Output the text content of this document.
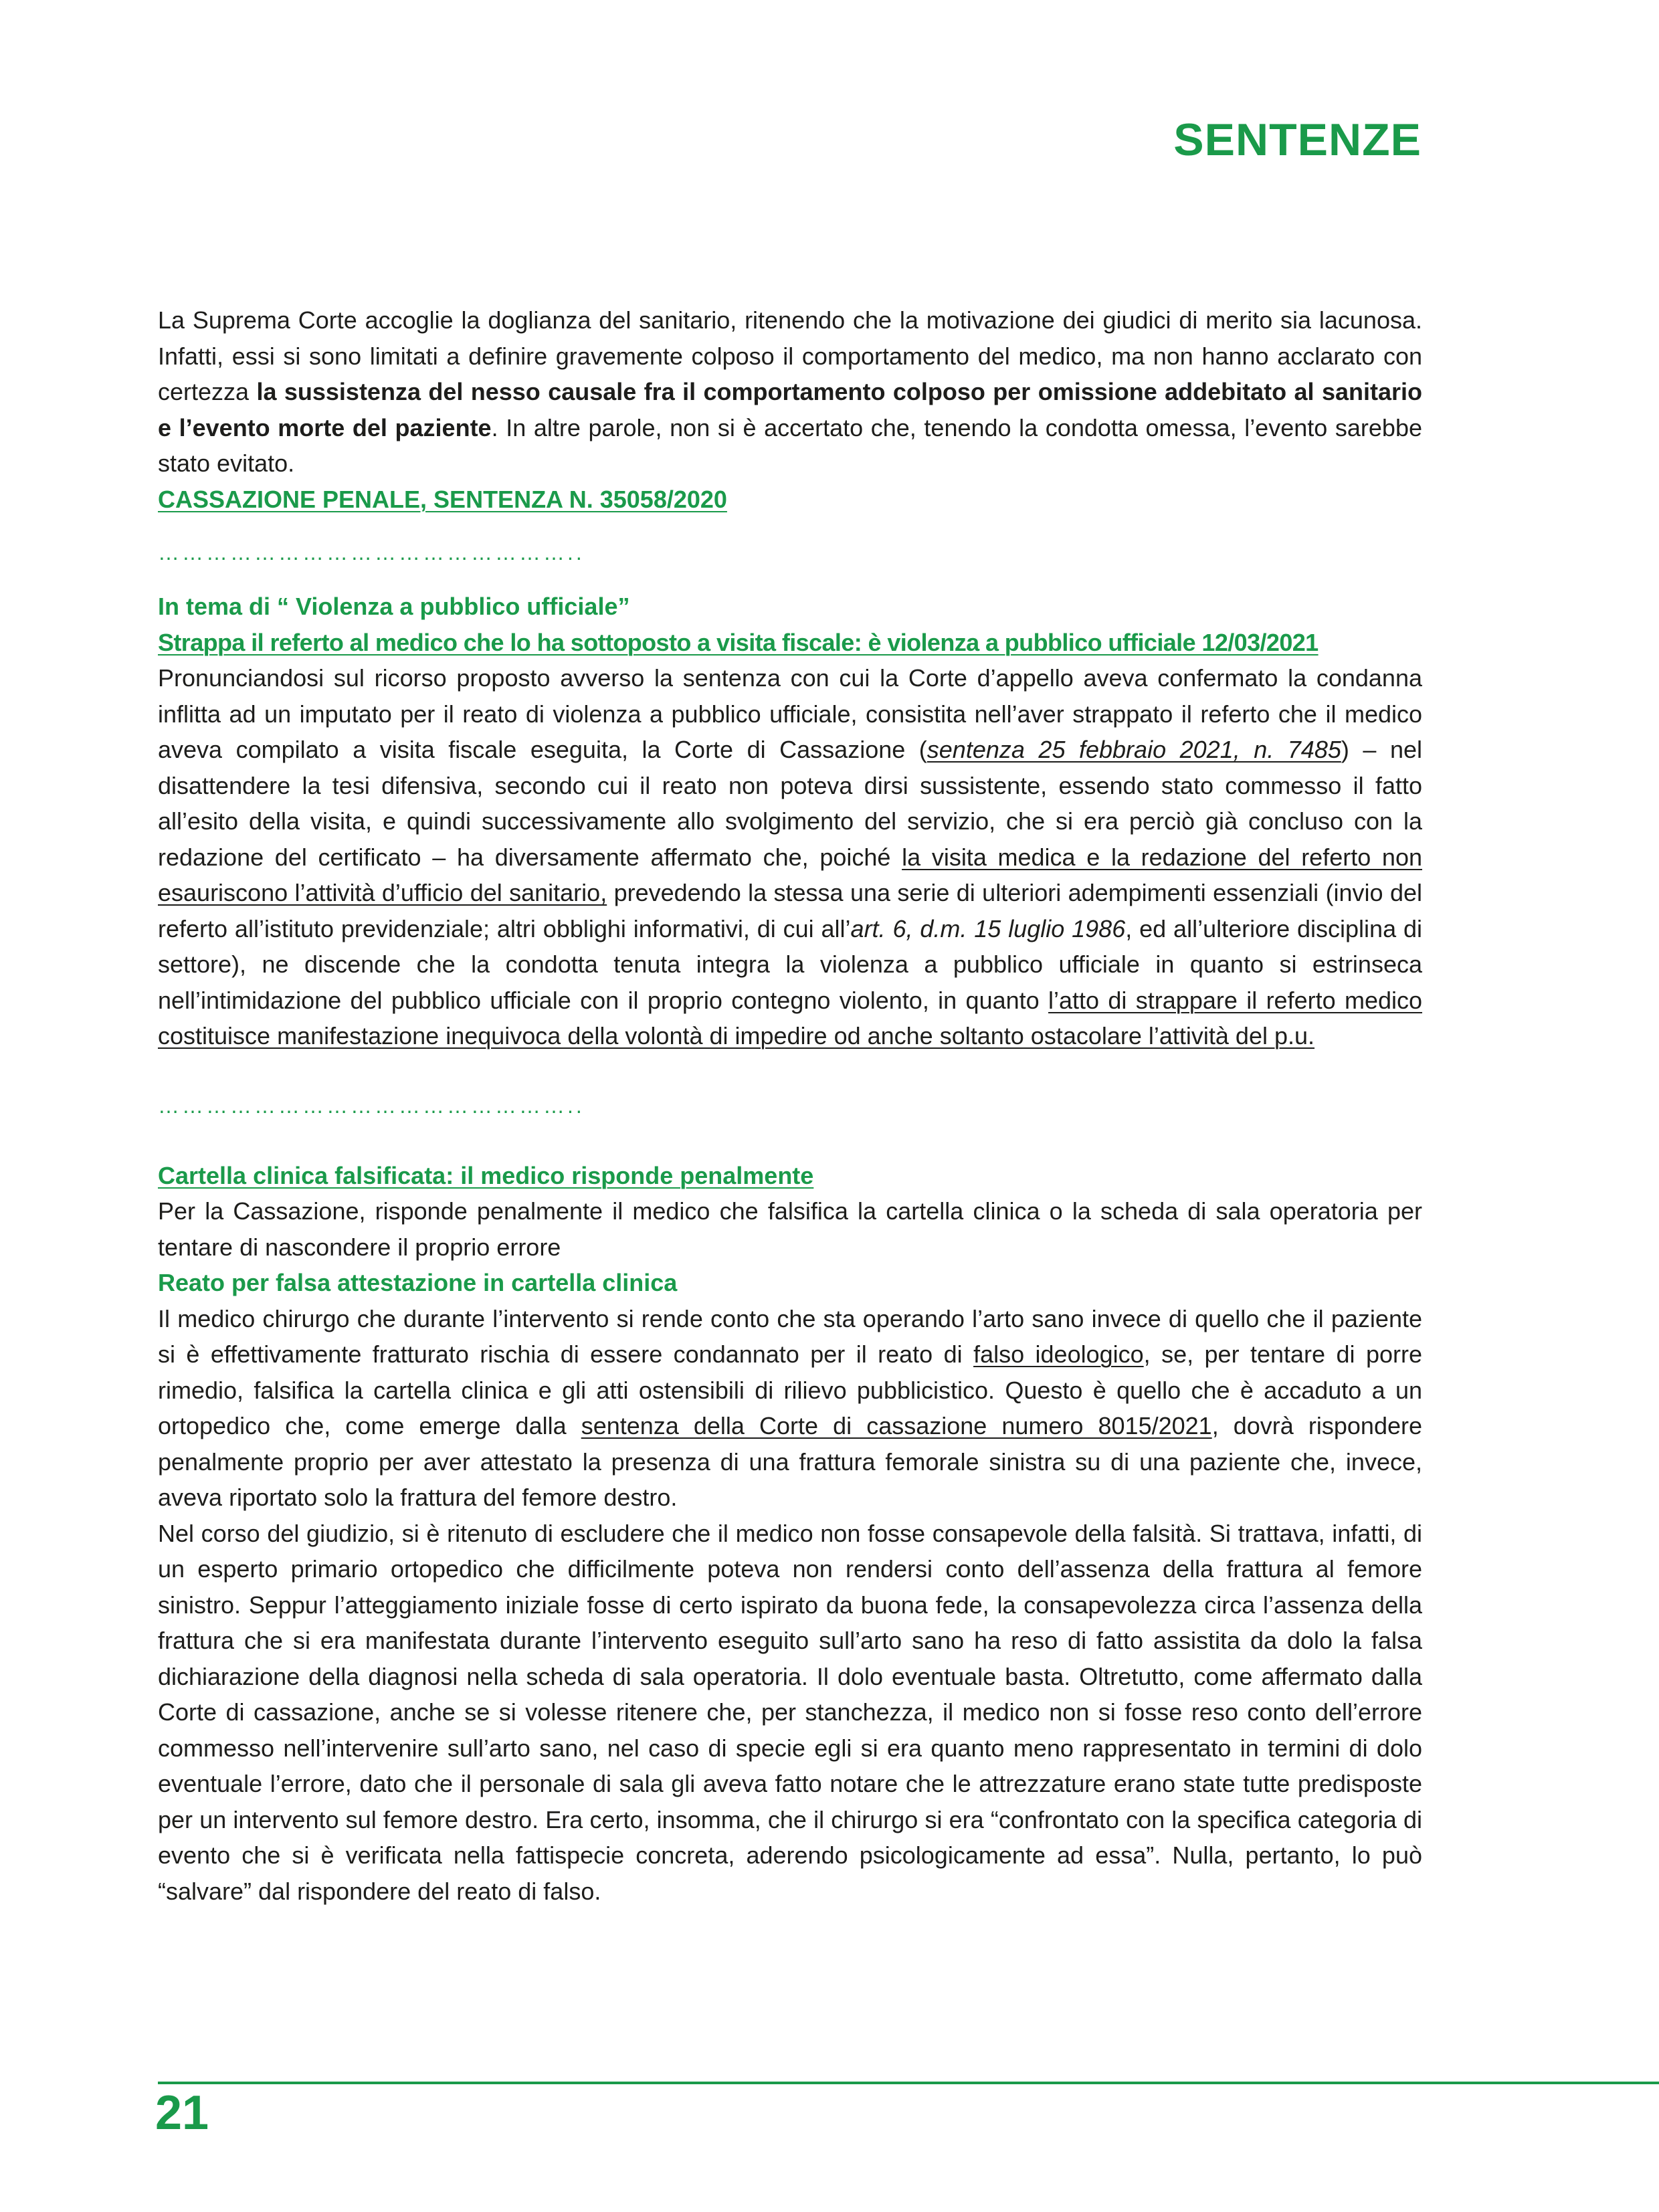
SENTENZE

La Suprema Corte accoglie la doglianza del sanitario, ritenendo che la motivazione dei giudici di merito sia lacunosa. Infatti, essi si sono limitati a definire gravemente colposo il comportamento del medico, ma non hanno acclarato con certezza la sussistenza del nesso causale fra il comportamento colposo per omissione addebitato al sanitario e l’evento morte del paziente. In altre parole, non si è accertato che, tenendo la condotta omessa, l’evento sarebbe stato evitato.

CASSAZIONE PENALE, SENTENZA N. 35058/2020

……………………………………………..

In tema di “ Violenza a pubblico ufficiale”

Strappa il referto al medico che lo ha sottoposto a visita fiscale: è violenza a pubblico ufficiale 12/03/2021

Pronunciandosi sul ricorso proposto avverso la sentenza con cui la Corte d’appello aveva confermato la condanna inflitta ad un imputato per il reato di violenza a pubblico ufficiale, consistita nell’aver strappato il referto che il medico aveva compilato a visita fiscale eseguita, la Corte di Cassazione (sentenza 25 febbraio 2021, n. 7485) – nel disattendere la tesi difensiva, secondo cui il reato non poteva dirsi sussistente, essendo stato commesso il fatto all’esito della visita, e quindi successivamente allo svolgimento del servizio, che si era perciò già concluso con la redazione del certificato – ha diversamente affermato che, poiché la visita medica e la redazione del referto non esauriscono l’attività d’ufficio del sanitario, prevedendo la stessa una serie di ulteriori adempimenti essenziali (invio del referto all’istituto previdenziale; altri obblighi informativi, di cui all’art. 6, d.m. 15 luglio 1986, ed all’ulteriore disciplina di settore), ne discende che la condotta tenuta integra la violenza a pubblico ufficiale in quanto si estrinseca nell’intimidazione del pubblico ufficiale con il proprio contegno violento, in quanto l’atto di strappare il referto medico costituisce manifestazione inequivoca della volontà di impedire od anche soltanto ostacolare l’attività del p.u.

……………………………………………..

Cartella clinica falsificata: il medico risponde penalmente

Per la Cassazione, risponde penalmente il medico che falsifica la cartella clinica o la scheda di sala operatoria per tentare di nascondere il proprio errore

Reato per falsa attestazione in cartella clinica

Il medico chirurgo che durante l’intervento si rende conto che sta operando l’arto sano invece di quello che il paziente si è effettivamente fratturato rischia di essere condannato per il reato di falso ideologico, se, per tentare di porre rimedio, falsifica la cartella clinica e gli atti ostensibili di rilievo pubblicistico. Questo è quello che è accaduto a un ortopedico che, come emerge dalla sentenza della Corte di cassazione numero 8015/2021, dovrà rispondere penalmente proprio per aver attestato la presenza di una frattura femorale sinistra su di una paziente che, invece, aveva riportato solo la frattura del femore destro.

Nel corso del giudizio, si è ritenuto di escludere che il medico non fosse consapevole della falsità. Si trattava, infatti, di un esperto primario ortopedico che difficilmente poteva non rendersi conto dell’assenza della frattura al femore sinistro. Seppur l’atteggiamento iniziale fosse di certo ispirato da buona fede, la consapevolezza circa l’assenza della frattura che si era manifestata durante l’intervento eseguito sull’arto sano ha reso di fatto assistita da dolo la falsa dichiarazione della diagnosi nella scheda di sala operatoria. Il dolo eventuale basta. Oltretutto, come affermato dalla Corte di cassazione, anche se si volesse ritenere che, per stanchezza, il medico non si fosse reso conto dell’errore commesso nell’intervenire sull’arto sano, nel caso di specie egli si era quanto meno rappresentato in termini di dolo eventuale l’errore, dato che il personale di sala gli aveva fatto notare che le attrezzature erano state tutte predisposte per un intervento sul femore destro. Era certo, insomma, che il chirurgo si era “confrontato con la specifica categoria di evento che si è verificata nella fattispecie concreta, aderendo psicologicamente ad essa”. Nulla, pertanto, lo può “salvare” dal rispondere del reato di falso.

21
